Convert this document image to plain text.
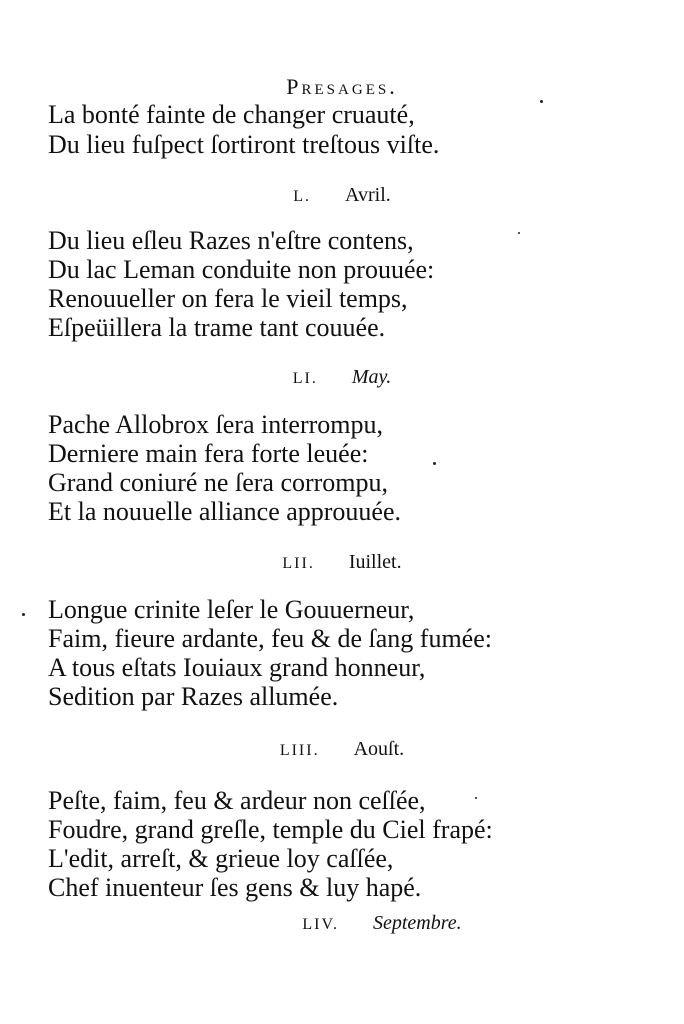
Presages.
La bonté fainte de changer cruauté,
Du lieu fuſpect ſortiront treſtous viſte.
L. Avril.
Du lieu eſleu Razes n'eſtre contens,
Du lac Leman conduite non prouuée:
Renouueller on fera le vieil temps,
Eſpeüillera la trame tant couuée.
LI. May.
Pache Allobrox ſera interrompu,
Derniere main fera forte leuée:
Grand coniuré ne ſera corrompu,
Et la nouuelle alliance approuuée.
LII. Iuillet.
Longue crinite leſer le Gouuerneur,
Faim, fieure ardante, feu & de ſang fumée:
A tous eſtats Iouiaux grand honneur,
Sedition par Razes allumée.
LIII. Aouſt.
Peſte, faim, feu & ardeur non ceſſée,
Foudre, grand greſle, temple du Ciel frapé:
L'edit, arreſt, & grieue loy caſſée,
Chef inuenteur ſes gens & luy hapé.
LIV. Septembre.
